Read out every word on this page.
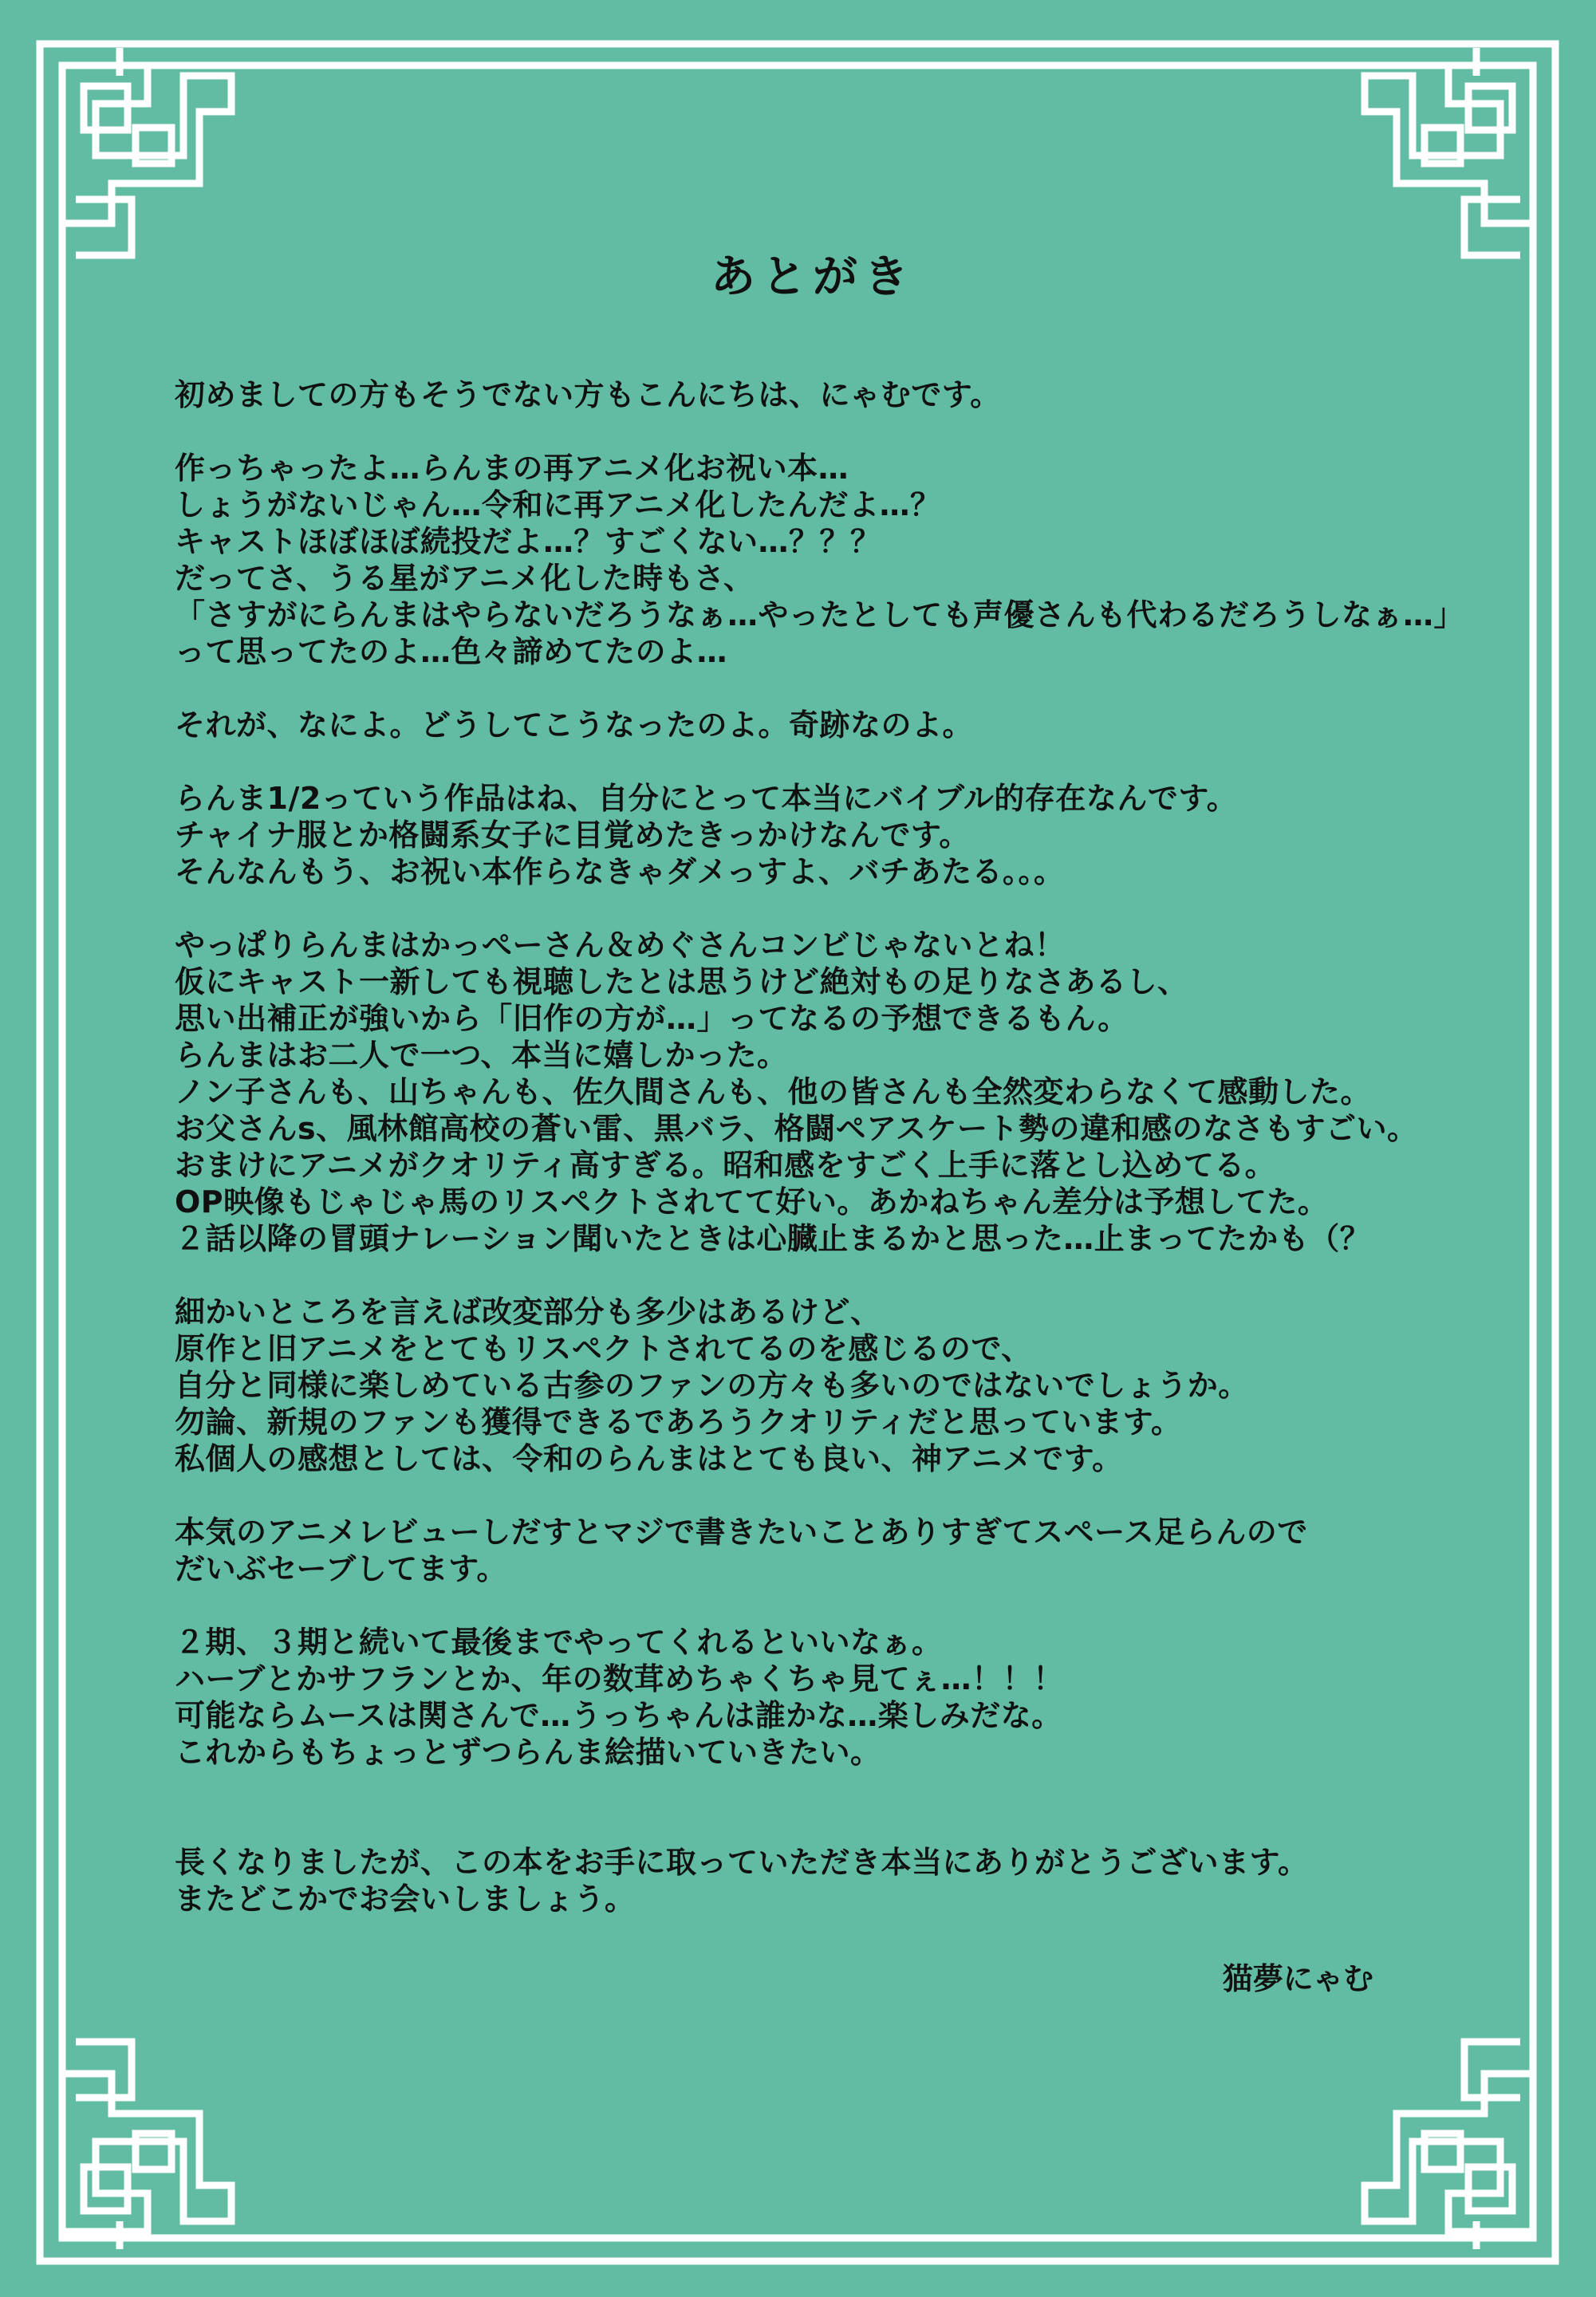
あとがき
初めましての方もそうでない方もこんにちは、にゃむです。
作っちゃったよ…らんまの再アニメ化お祝い本…
しょうがないじゃん…令和に再アニメ化したんだよ…？
キャストほぼほぼ続投だよ…？すごくない…？？？
だってさ、うる星がアニメ化した時もさ、
「さすがにらんまはやらないだろうなぁ…やったとしても声優さんも代わるだろうしなぁ…」
って思ってたのよ…色々諦めてたのよ…
それが、なによ。どうしてこうなったのよ。奇跡なのよ。
らんま1/2っていう作品はね、自分にとって本当にバイブル的存在なんです。
チャイナ服とか格闘系女子に目覚めたきっかけなんです。
そんなんもう、お祝い本作らなきゃダメっすよ、バチあたる。。。
やっぱりらんまはかっぺーさん＆めぐさんコンビじゃないとね！
仮にキャスト一新しても視聴したとは思うけど絶対もの足りなさあるし、
思い出補正が強いから「旧作の方が…」ってなるの予想できるもん。
らんまはお二人で一つ、本当に嬉しかった。
ノン子さんも、山ちゃんも、佐久間さんも、他の皆さんも全然変わらなくて感動した。
お父さんs、風林館高校の蒼い雷、黒バラ、格闘ペアスケート勢の違和感のなさもすごい。
おまけにアニメがクオリティ高すぎる。昭和感をすごく上手に落とし込めてる。
OP映像もじゃじゃ馬のリスペクトされてて好い。あかねちゃん差分は予想してた。
２話以降の冒頭ナレーション聞いたときは心臓止まるかと思った…止まってたかも（？
細かいところを言えば改変部分も多少はあるけど、
原作と旧アニメをとてもリスペクトされてるのを感じるので、
自分と同様に楽しめている古参のファンの方々も多いのではないでしょうか。
勿論、新規のファンも獲得できるであろうクオリティだと思っています。
私個人の感想としては、令和のらんまはとても良い、神アニメです。
本気のアニメレビューしだすとマジで書きたいことありすぎてスペース足らんので
だいぶセーブしてます。
２期、３期と続いて最後までやってくれるといいなぁ。
ハーブとかサフランとか、年の数茸めちゃくちゃ見てぇ…！！！
可能ならムースは関さんで…うっちゃんは誰かな…楽しみだな。
これからもちょっとずつらんま絵描いていきたい。
長くなりましたが、この本をお手に取っていただき本当にありがとうございます。
またどこかでお会いしましょう。
猫夢にゃむ
